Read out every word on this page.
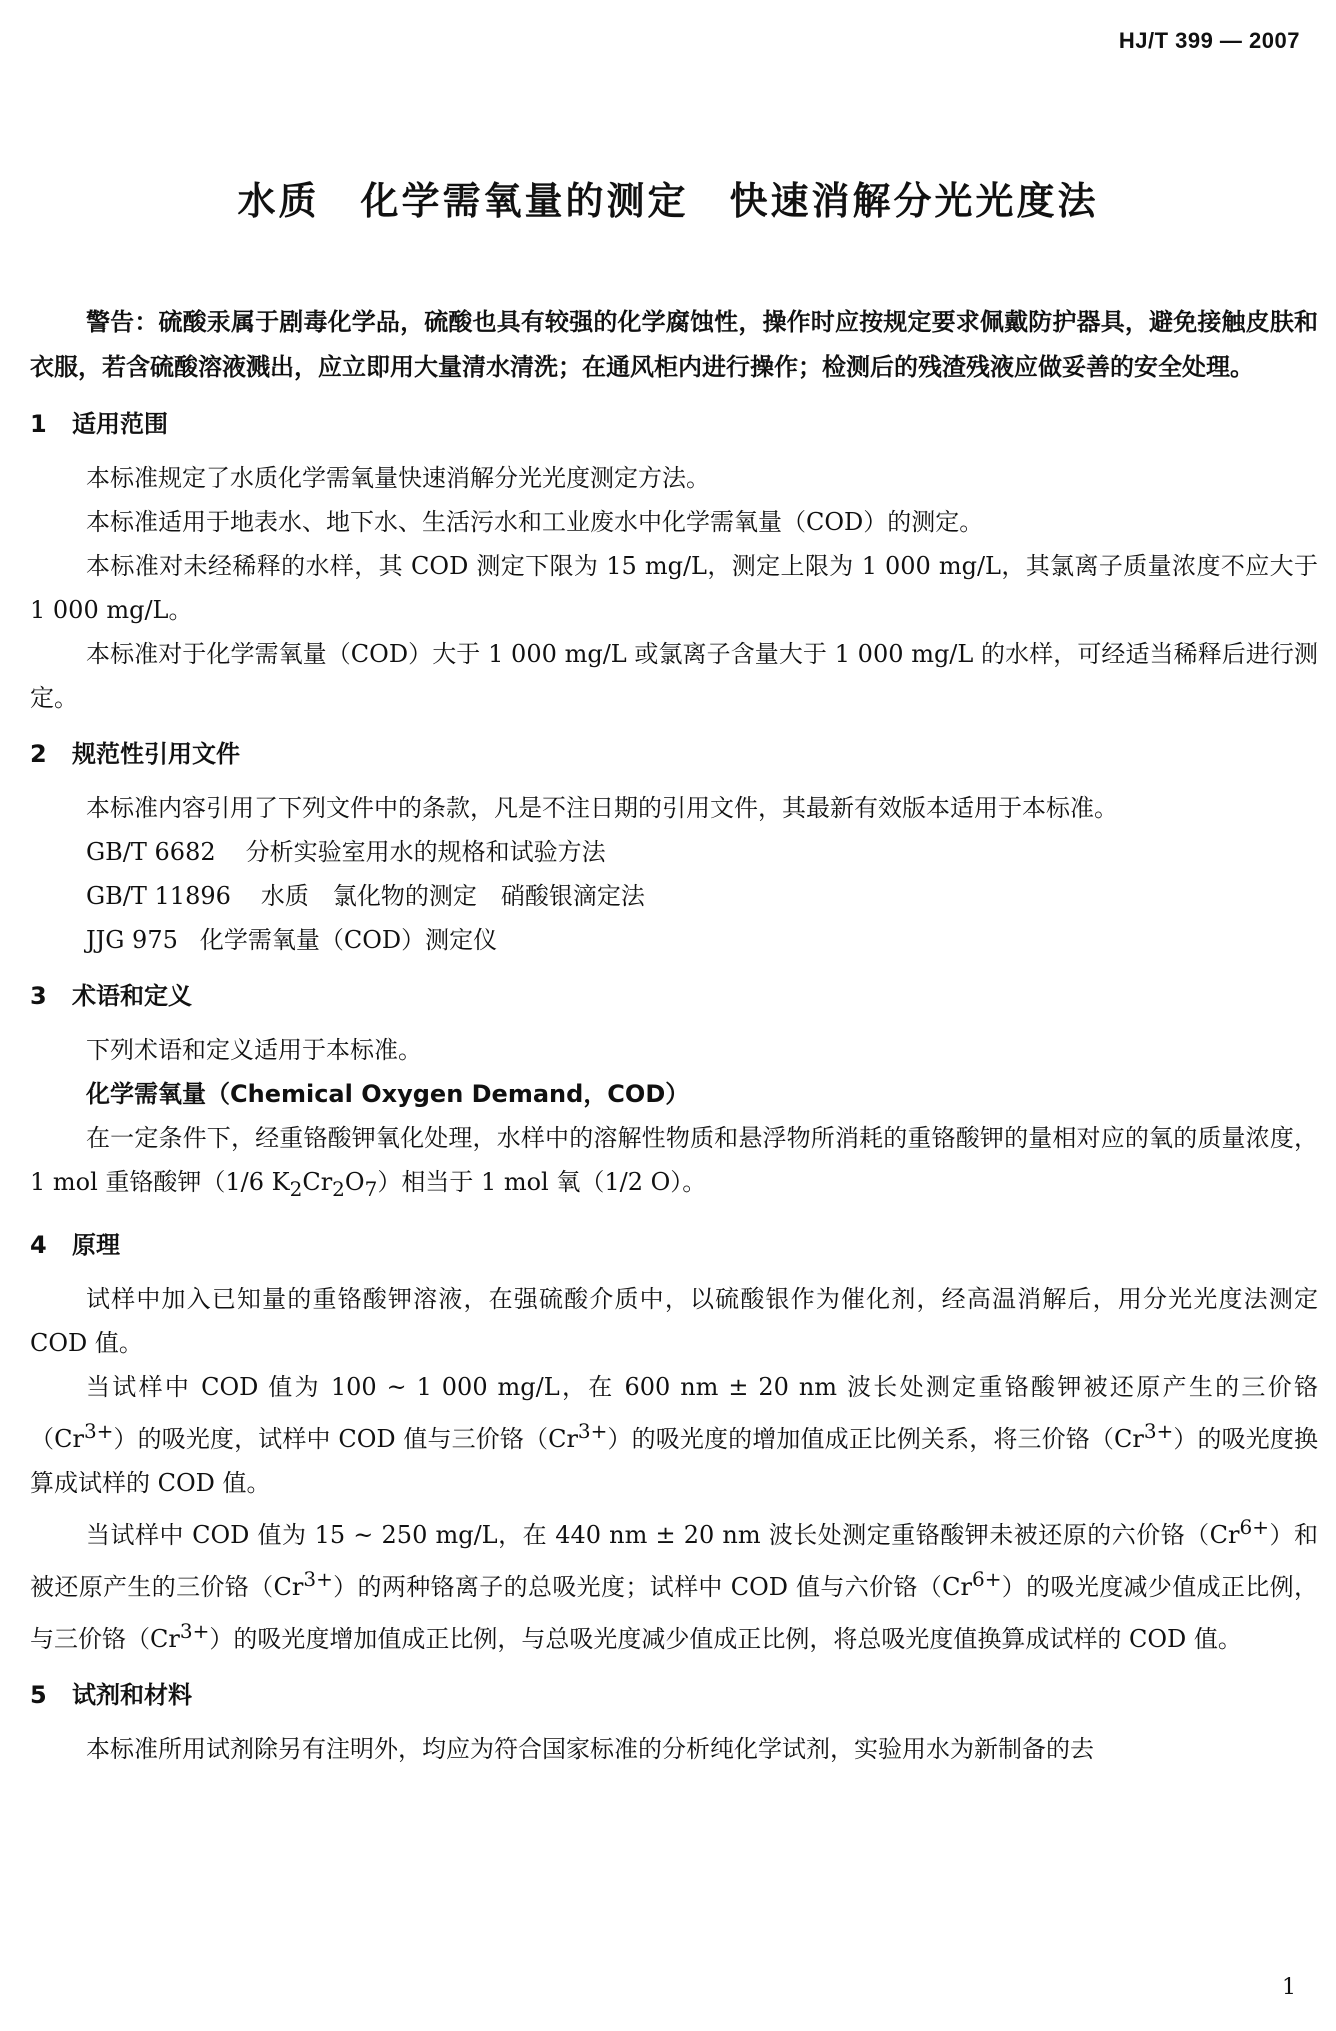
HJ/T 399 — 2007
水质　化学需氧量的测定　快速消解分光光度法

警告：硫酸汞属于剧毒化学品，硫酸也具有较强的化学腐蚀性，操作时应按规定要求佩戴防护器具，避免接触皮肤和衣服，若含硫酸溶液溅出，应立即用大量清水清洗；在通风柜内进行操作；检测后的残渣残液应做妥善的安全处理。

1 适用范围

本标准规定了水质化学需氧量快速消解分光光度测定方法。

本标准适用于地表水、地下水、生活污水和工业废水中化学需氧量（COD）的测定。

本标准对未经稀释的水样，其 COD 测定下限为 15 mg/L，测定上限为 1 000 mg/L，其氯离子质量浓度不应大于 1 000 mg/L。

本标准对于化学需氧量（COD）大于 1 000 mg/L 或氯离子含量大于 1 000 mg/L 的水样，可经适当稀释后进行测定。

2 规范性引用文件

本标准内容引用了下列文件中的条款，凡是不注日期的引用文件，其最新有效版本适用于本标准。

GB/T 6682 分析实验室用水的规格和试验方法

GB/T 11896 水质　氯化物的测定　硝酸银滴定法

JJG 975 化学需氧量（COD）测定仪

3 术语和定义

下列术语和定义适用于本标准。

化学需氧量（Chemical Oxygen Demand，COD）

在一定条件下，经重铬酸钾氧化处理，水样中的溶解性物质和悬浮物所消耗的重铬酸钾的量相对应的氧的质量浓度，1 mol 重铬酸钾（1/6 $K_2Cr_2O_7$）相当于 1 mol 氧（1/2 O）。

4 原理

试样中加入已知量的重铬酸钾溶液，在强硫酸介质中，以硫酸银作为催化剂，经高温消解后，用分光光度法测定 COD 值。

当试样中 COD 值为 100 ~ 1 000 mg/L，在 600 nm ± 20 nm 波长处测定重铬酸钾被还原产生的三价铬$(Cr^{3+})$的吸光度，试样中 COD 值与三价铬$(Cr^{3+})$的吸光度的增加值成正比例关系，将三价铬$(Cr^{3+})$的吸光度换算成试样的 COD 值。

当试样中 COD 值为 15 ~ 250 mg/L，在 440 nm ± 20 nm 波长处测定重铬酸钾未被还原的六价铬$(Cr^{6+})$和被还原产生的三价铬$(Cr^{3+})$的两种铬离子的总吸光度；试样中 COD 值与六价铬$(Cr^{6+})$的吸光度减少值成正比例，与三价铬$(Cr^{3+})$的吸光度增加值成正比例，与总吸光度减少值成正比例，将总吸光度值换算成试样的 COD 值。

5 试剂和材料

本标准所用试剂除另有注明外，均应为符合国家标准的分析纯化学试剂，实验用水为新制备的去

1
